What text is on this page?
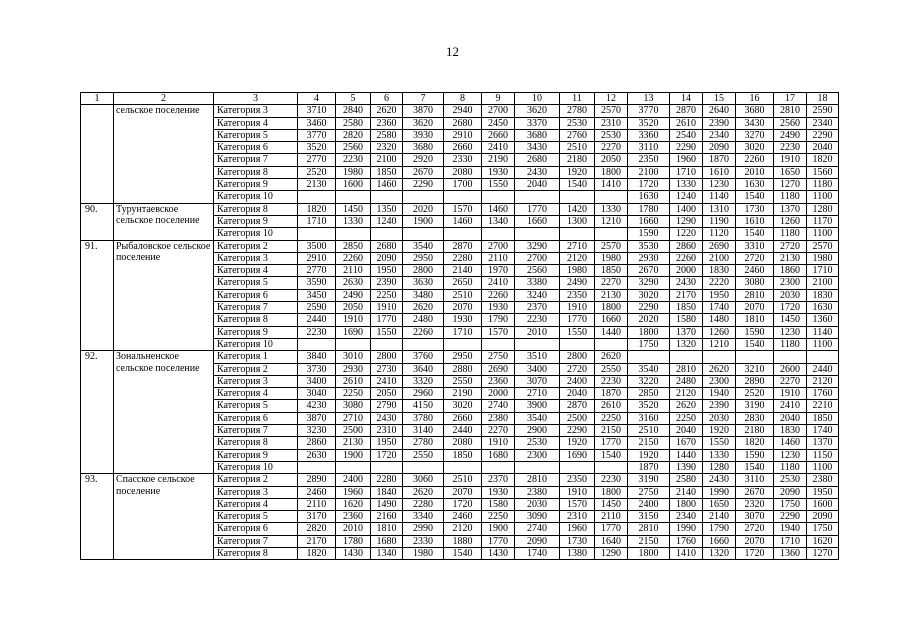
12
1	2	3	4	5	6	7	8	9	10	11	12	13	14	15	16	17	18
	сельское поселение	Категория 3	3710	2840	2620	3870	2940	2700	3620	2780	2570	3770	2870	2640	3680	2810	2590
		Категория 4	3460	2580	2360	3620	2680	2450	3370	2530	2310	3520	2610	2390	3430	2560	2340
		Категория 5	3770	2820	2580	3930	2910	2660	3680	2760	2530	3360	2540	2340	3270	2490	2290
		Категория 6	3520	2560	2320	3680	2660	2410	3430	2510	2270	3110	2290	2090	3020	2230	2040
		Категория 7	2770	2230	2100	2920	2330	2190	2680	2180	2050	2350	1960	1870	2260	1910	1820
		Категория 8	2520	1980	1850	2670	2080	1930	2430	1920	1800	2100	1710	1610	2010	1650	1560
		Категория 9	2130	1600	1460	2290	1700	1550	2040	1540	1410	1720	1330	1230	1630	1270	1180
		Категория 10										1630	1240	1140	1540	1180	1100
90.	Турунтаевское сельское поселение	Категория 8	1820	1450	1350	2020	1570	1460	1770	1420	1330	1780	1400	1310	1730	1370	1280
		Категория 9	1710	1330	1240	1900	1460	1340	1660	1300	1210	1660	1290	1190	1610	1260	1170
		Категория 10										1590	1220	1120	1540	1180	1100
91.	Рыбаловское сельское поселение	Категория 2	3500	2850	2680	3540	2870	2700	3290	2710	2570	3530	2860	2690	3310	2720	2570
		Категория 3	2910	2260	2090	2950	2280	2110	2700	2120	1980	2930	2260	2100	2720	2130	1980
		Категория 4	2770	2110	1950	2800	2140	1970	2560	1980	1850	2670	2000	1830	2460	1860	1710
		Категория 5	3590	2630	2390	3630	2650	2410	3380	2490	2270	3290	2430	2220	3080	2300	2100
		Категория 6	3450	2490	2250	3480	2510	2260	3240	2350	2130	3020	2170	1950	2810	2030	1830
		Категория 7	2590	2050	1910	2620	2070	1930	2370	1910	1800	2290	1850	1740	2070	1720	1630
		Категория 8	2440	1910	1770	2480	1930	1790	2230	1770	1660	2020	1580	1480	1810	1450	1360
		Категория 9	2230	1690	1550	2260	1710	1570	2010	1550	1440	1800	1370	1260	1590	1230	1140
		Категория 10										1750	1320	1210	1540	1180	1100
92.	Зональненское сельское поселение	Категория 1	3840	3010	2800	3760	2950	2750	3510	2800	2620						
		Категория 2	3730	2930	2730	3640	2880	2690	3400	2720	2550	3540	2810	2620	3210	2600	2440
		Категория 3	3400	2610	2410	3320	2550	2360	3070	2400	2230	3220	2480	2300	2890	2270	2120
		Категория 4	3040	2250	2050	2960	2190	2000	2710	2040	1870	2850	2120	1940	2520	1910	1760
		Категория 5	4230	3080	2790	4150	3020	2740	3900	2870	2610	3520	2620	2390	3190	2410	2210
		Категория 6	3870	2710	2430	3780	2660	2380	3540	2500	2250	3160	2250	2030	2830	2040	1850
		Категория 7	3230	2500	2310	3140	2440	2270	2900	2290	2150	2510	2040	1920	2180	1830	1740
		Категория 8	2860	2130	1950	2780	2080	1910	2530	1920	1770	2150	1670	1550	1820	1460	1370
		Категория 9	2630	1900	1720	2550	1850	1680	2300	1690	1540	1920	1440	1330	1590	1230	1150
		Категория 10										1870	1390	1280	1540	1180	1100
93.	Спасское сельское поселение	Категория 2	2890	2400	2280	3060	2510	2370	2810	2350	2230	3190	2580	2430	3110	2530	2380
		Категория 3	2460	1960	1840	2620	2070	1930	2380	1910	1800	2750	2140	1990	2670	2090	1950
		Категория 4	2110	1620	1490	2280	1720	1580	2030	1570	1450	2400	1800	1650	2320	1750	1600
		Категория 5	3170	2360	2160	3340	2460	2250	3090	2310	2110	3150	2340	2140	3070	2290	2090
		Категория 6	2820	2010	1810	2990	2120	1900	2740	1960	1770	2810	1990	1790	2720	1940	1750
		Категория 7	2170	1780	1680	2330	1880	1770	2090	1730	1640	2150	1760	1660	2070	1710	1620
		Категория 8	1820	1430	1340	1980	1540	1430	1740	1380	1290	1800	1410	1320	1720	1360	1270
